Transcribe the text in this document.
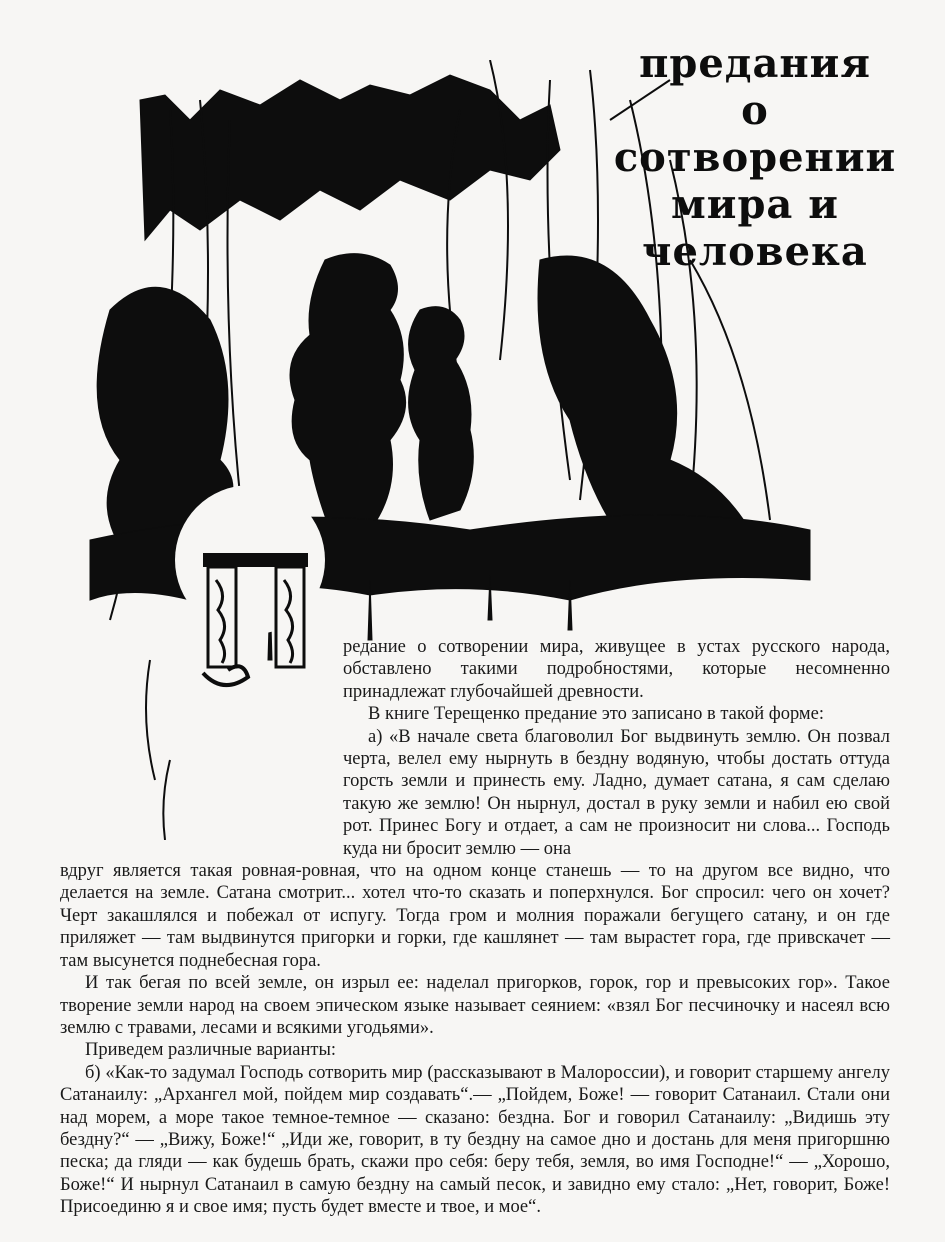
предания
о сотворении
мира и
человека
П	редание о сотворении мира, живущее в устах русского народа, обставлено такими подробностями, которые несомненно принадлежат глубочайшей древности.

В книге Терещенко предание это записано в такой форме:

а) «В начале света благоволил Бог выдвинуть землю. Он позвал черта, велел ему нырнуть в бездну водяную, чтобы достать оттуда горсть земли и принесть ему. Ладно, думает сатана, я сам сделаю такую же землю! Он нырнул, достал в руку земли и набил ею свой рот. Принес Богу и отдает, а сам не произносит ни слова... Господь куда ни бросит землю — она

вдруг является такая ровная-ровная, что на одном конце станешь — то на другом все видно, что делается на земле. Сатана смотрит... хотел что-то сказать и поперхнулся. Бог спросил: чего он хочет? Черт закашлялся и побежал от испугу. Тогда гром и молния поражали бегущего сатану, и он где приляжет — там выдвинутся пригорки и горки, где кашлянет — там вырастет гора, где привскачет — там высунется поднебесная гора.

И так бегая по всей земле, он изрыл ее: наделал пригорков, горок, гор и превысоких гор». Такое творение земли народ на своем эпическом языке называет сеянием: «взял Бог песчиночку и насеял всю землю с травами, лесами и всякими угодьями».

Приведем различные варианты:

б) «Как-то задумал Господь сотворить мир (рассказывают в Малороссии), и говорит старшему ангелу Сатанаилу: „Архангел мой, пойдем мир создавать“.— „Пойдем, Боже! — говорит Сатанаил. Стали они над морем, а море такое темное-темное — сказано: бездна. Бог и говорил Сатанаилу: „Видишь эту бездну?“ — „Вижу, Боже!“ „Иди же, говорит, в ту бездну на самое дно и достань для меня пригоршню песка; да гляди — как будешь брать, скажи про себя: беру тебя, земля, во имя Господне!“ — „Хорошо, Боже!“ И нырнул Сатанаил в самую бездну на самый песок, и завидно ему стало: „Нет, говорит, Боже! Присоединю я и свое имя; пусть будет вместе и твое, и мое“.
